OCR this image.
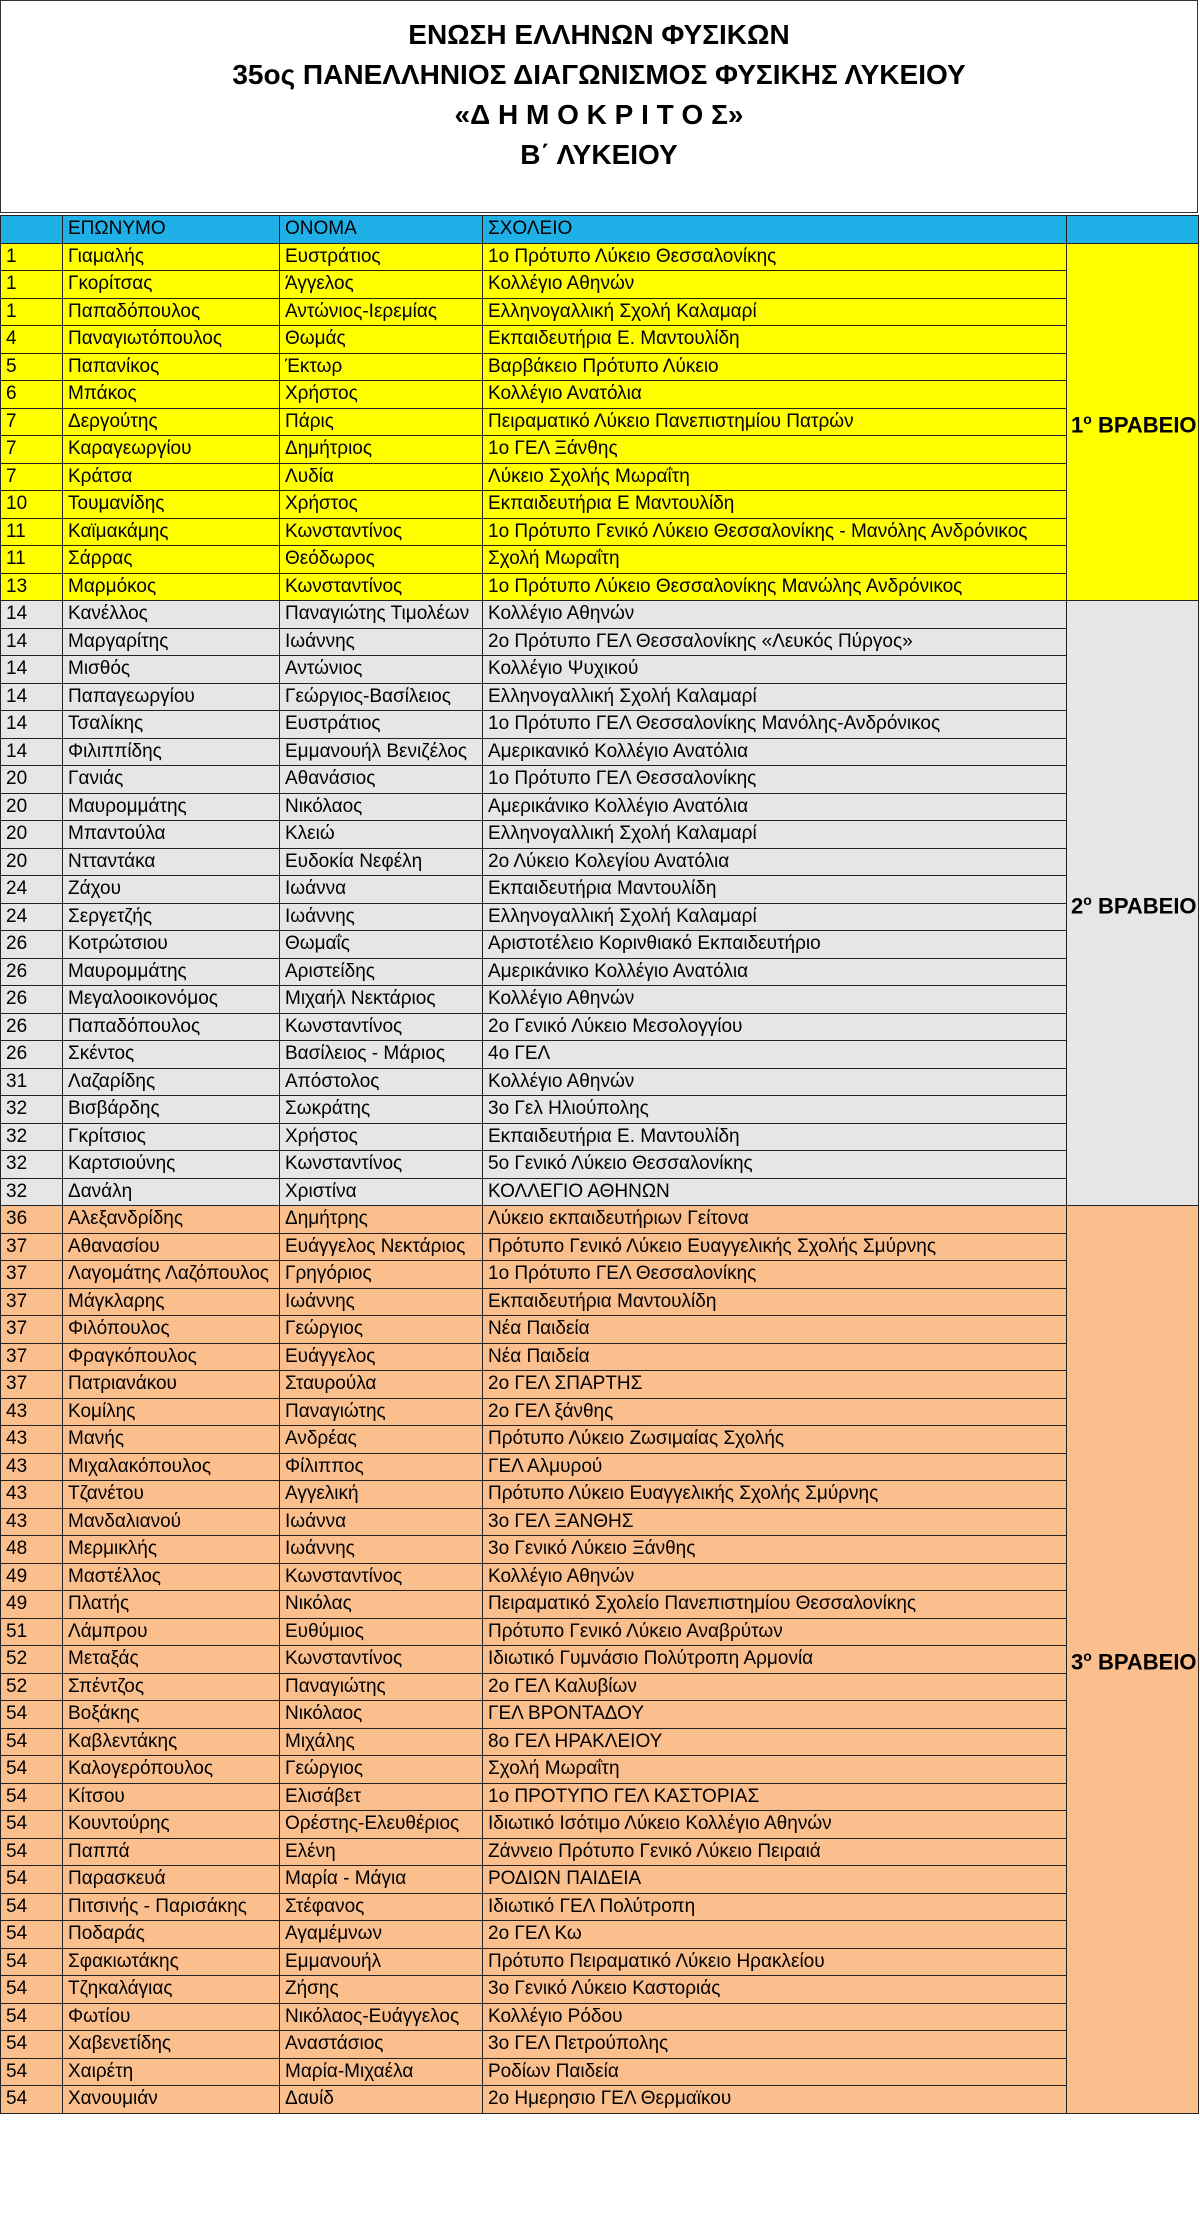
ΕΝΩΣΗ ΕΛΛΗΝΩΝ ΦΥΣΙΚΩΝ
35ος ΠΑΝΕΛΛΗΝΙΟΣ ΔΙΑΓΩΝΙΣΜΟΣ ΦΥΣΙΚΗΣ ΛΥΚΕΙΟΥ
«Δ Η Μ Ο Κ Ρ Ι Τ Ο Σ»
Β΄ ΛΥΚΕΙΟΥ
	ΕΠΩΝΥΜΟ	ΟΝΟΜΑ	ΣΧΟΛΕΙΟ	
1	Γιαμαλής	Ευστράτιος	1ο Πρότυπο Λύκειο Θεσσαλονίκης	$1^o$ ΒΡΑΒΕΙΟ
1	Γκορίτσας	Άγγελος	Κολλέγιο Αθηνών	
1	Παπαδόπουλος	Αντώνιος-Ιερεμίας	Ελληνογαλλική Σχολή Καλαμαρί	
4	Παναγιωτόπουλος	Θωμάς	Εκπαιδευτήρια Ε. Μαντουλίδη	
5	Παπανίκος	Έκτωρ	Βαρβάκειο Πρότυπο Λύκειο	
6	Μπάκος	Χρήστος	Κολλέγιο Ανατόλια	
7	Δεργούτης	Πάρις	Πειραματικό Λύκειο Πανεπιστημίου Πατρών	
7	Καραγεωργίου	Δημήτριος	1ο ΓΕΛ Ξάνθης	
7	Κράτσα	Λυδία	Λύκειο Σχολής Μωραΐτη	
10	Τουμανίδης	Χρήστος	Εκπαιδευτήρια Ε Μαντουλίδη	
11	Καϊμακάμης	Κωνσταντίνος	1ο Πρότυπο Γενικό Λύκειο Θεσσαλονίκης - Μανόλης Ανδρόνικος	
11	Σάρρας	Θεόδωρος	Σχολή Μωραΐτη	
13	Μαρμόκος	Κωνσταντίνος	1ο Πρότυπο Λύκειο Θεσσαλονίκης Μανώλης Ανδρόνικος	
14	Κανέλλος	Παναγιώτης Τιμολέων	Κολλέγιο Αθηνών	$2^o$ ΒΡΑΒΕΙΟ
14	Μαργαρίτης	Ιωάννης	2ο Πρότυπο ΓΕΛ Θεσσαλονίκης «Λευκός Πύργος»	
14	Μισθός	Αντώνιος	Κολλέγιο Ψυχικού	
14	Παπαγεωργίου	Γεώργιος-Βασίλειος	Ελληνογαλλική Σχολή Καλαμαρί	
14	Τσαλίκης	Ευστράτιος	1ο Πρότυπο ΓΕΛ Θεσσαλονίκης Μανόλης-Ανδρόνικος	
14	Φιλιππίδης	Εμμανουήλ Βενιζέλος	Αμερικανικό Κολλέγιο Ανατόλια	
20	Γανιάς	Αθανάσιος	1ο Πρότυπο ΓΕΛ Θεσσαλονίκης	
20	Μαυρομμάτης	Νικόλαος	Αμερικάνικο Κολλέγιο Ανατόλια	
20	Μπαντούλα	Κλειώ	Ελληνογαλλική Σχολή Καλαμαρί	
20	Ντταντάκα	Ευδοκία Νεφέλη	2ο Λύκειο Κολεγίου Ανατόλια	
24	Ζάχου	Ιωάννα	Εκπαιδευτήρια Μαντουλίδη	
24	Σεργετζής	Ιωάννης	Ελληνογαλλική Σχολή Καλαμαρί	
26	Κοτρώτσιου	Θωμαΐς	Αριστοτέλειο Κορινθιακό Εκπαιδευτήριο	
26	Μαυρομμάτης	Αριστείδης	Αμερικάνικο Κολλέγιο Ανατόλια	
26	Μεγαλοοικονόμος	Μιχαήλ Νεκτάριος	Κολλέγιο Αθηνών	
26	Παπαδόπουλος	Κωνσταντίνος	2ο Γενικό Λύκειο Μεσολογγίου	
26	Σκέντος	Βασίλειος - Μάριος	4ο ΓΕΛ	
31	Λαζαρίδης	Απόστολος	Κολλέγιο Αθηνών	
32	Βισβάρδης	Σωκράτης	3ο Γελ Ηλιούπολης	
32	Γκρίτσιος	Χρήστος	Εκπαιδευτήρια Ε. Μαντουλίδη	
32	Καρτσιούνης	Κωνσταντίνος	5ο Γενικό Λύκειο Θεσσαλονίκης	
32	Δανάλη	Χριστίνα	ΚΟΛΛΕΓΙΟ ΑΘΗΝΩΝ	
36	Αλεξανδρίδης	Δημήτρης	Λύκειο εκπαιδευτήριων Γείτονα	$3^o$ ΒΡΑΒΕΙΟ
37	Αθανασίου	Ευάγγελος Νεκτάριος	Πρότυπο Γενικό Λύκειο Ευαγγελικής Σχολής Σμύρνης	
37	Λαγομάτης Λαζόπουλος	Γρηγόριος	1ο Πρότυπο ΓΕΛ Θεσσαλονίκης	
37	Μάγκλαρης	Ιωάννης	Εκπαιδευτήρια Μαντουλίδη	
37	Φιλόπουλος	Γεώργιος	Νέα Παιδεία	
37	Φραγκόπουλος	Ευάγγελος	Νέα Παιδεία	
37	Πατριανάκου	Σταυρούλα	2ο ΓΕΛ ΣΠΑΡΤΗΣ	
43	Κομίλης	Παναγιώτης	2ο ΓΕΛ ξάνθης	
43	Μανής	Ανδρέας	Πρότυπο Λύκειο Ζωσιμαίας Σχολής	
43	Μιχαλακόπουλος	Φίλιππος	ΓΕΛ Αλμυρού	
43	Τζανέτου	Αγγελική	Πρότυπο Λύκειο Ευαγγελικής Σχολής Σμύρνης	
43	Μανδαλιανού	Ιωάννα	3ο ΓΕΛ ΞΑΝΘΗΣ	
48	Μερμικλής	Ιωάννης	3ο Γενικό Λύκειο Ξάνθης	
49	Μαστέλλος	Κωνσταντίνος	Κολλέγιο Αθηνών	
49	Πλατής	Νικόλας	Πειραματικό Σχολείο Πανεπιστημίου Θεσσαλονίκης	
51	Λάμπρου	Ευθύμιος	Πρότυπο Γενικό Λύκειο Αναβρύτων	
52	Μεταξάς	Κωνσταντίνος	Ιδιωτικό Γυμνάσιο Πολύτροπη Αρμονία	
52	Σπέντζος	Παναγιώτης	2ο ΓΕΛ Καλυβίων	
54	Βοξάκης	Νικόλαος	ΓΕΛ ΒΡΟΝΤΑΔΟΥ	
54	Καβλεντάκης	Μιχάλης	8ο ΓΕΛ ΗΡΑΚΛΕΙΟΥ	
54	Καλογερόπουλος	Γεώργιος	Σχολή Μωραΐτη	
54	Κίτσου	Ελισάβετ	1ο ΠΡΟΤΥΠΟ ΓΕΛ ΚΑΣΤΟΡΙΑΣ	
54	Κουντούρης	Ορέστης-Ελευθέριος	Ιδιωτικό Ισότιμο Λύκειο Κολλέγιο Αθηνών	
54	Παππά	Ελένη	Ζάννειο Πρότυπο Γενικό Λύκειο Πειραιά	
54	Παρασκευά	Μαρία - Μάγια	ΡΟΔΙΩΝ ΠΑΙΔΕΙΑ	
54	Πιτσινής - Παρισάκης	Στέφανος	Ιδιωτικό ΓΕΛ Πολύτροπη	
54	Ποδαράς	Αγαμέμνων	2ο ΓΕΛ Κω	
54	Σφακιωτάκης	Εμμανουήλ	Πρότυπο Πειραματικό Λύκειο Ηρακλείου	
54	Τζηκαλάγιας	Ζήσης	3ο Γενικό Λύκειο Καστοριάς	
54	Φωτίου	Νικόλαος-Ευάγγελος	Κολλέγιο Ρόδου	
54	Χαβενετίδης	Αναστάσιος	3ο ΓΕΛ Πετρούπολης	
54	Χαιρέτη	Μαρία-Μιχαέλα	Ροδίων Παιδεία	
54	Χανουμιάν	Δαυίδ	2ο Ημερησιο ΓΕΛ Θερμαϊκου	
